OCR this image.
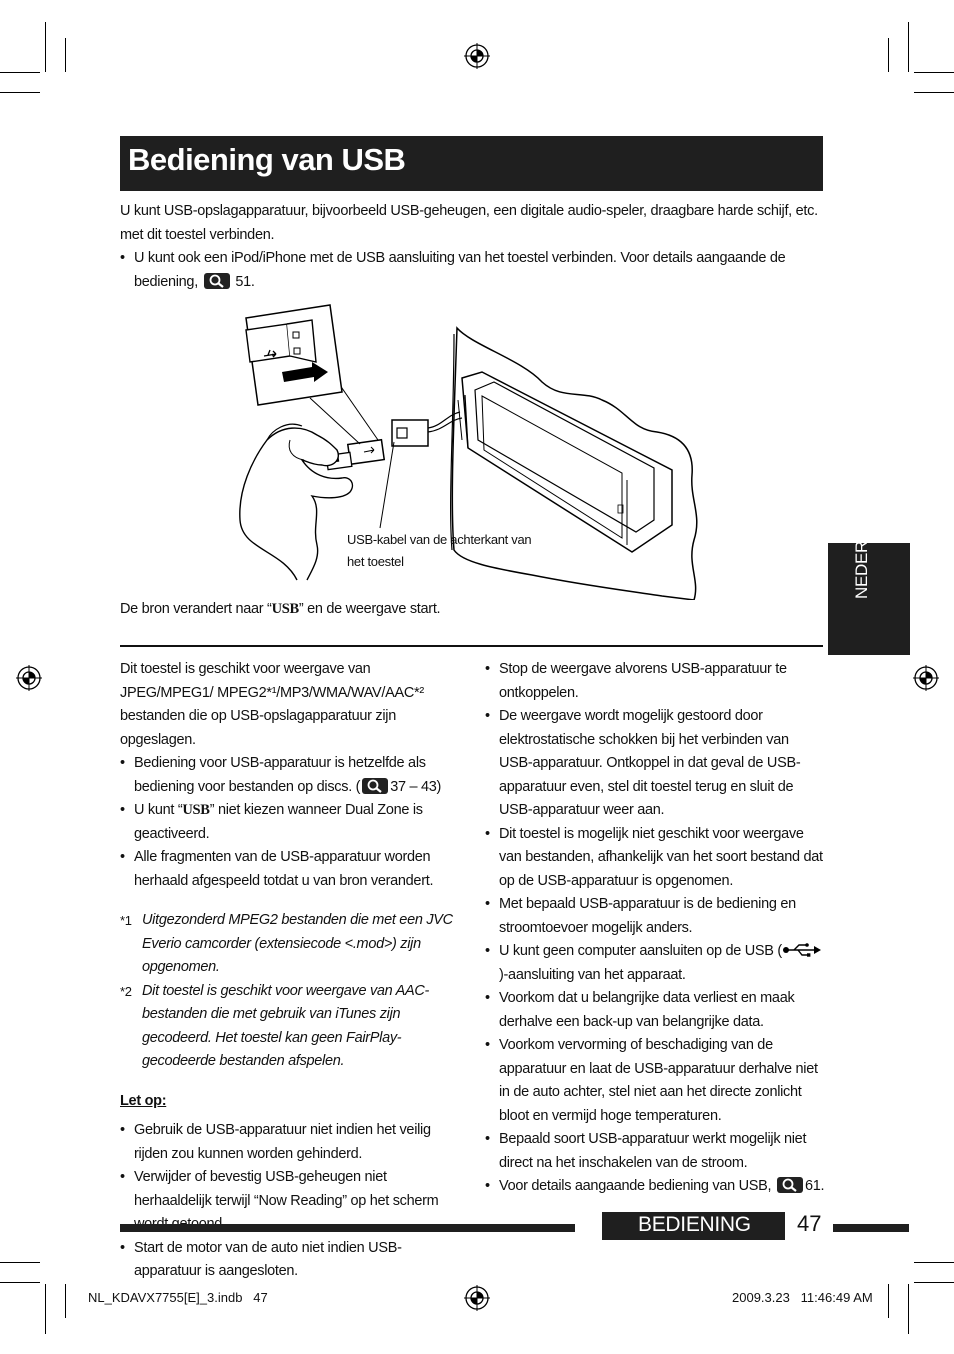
Bediening van USB
U kunt USB-opslagapparatuur, bijvoorbeeld USB-geheugen, een digitale audio-speler, draagbare harde schijf, etc. met dit toestel verbinden.
• U kunt ook een iPod/iPhone met de USB aansluiting van het toestel verbinden. Voor details aangaande de bediening,	51.
USB-kabel van de achterkant van het toestel
De bron verandert naar “USB” en de weergave start.
NEDERLANDS
Dit toestel is geschikt voor weergave van JPEG/MPEG1/ MPEG2*¹/MP3/WMA/WAV/AAC*² bestanden die op USB-opslagapparatuur zijn opgeslagen.
• Bediening voor USB-apparatuur is hetzelfde als bediening voor bestanden op discs. ( 37 – 43)
• U kunt “USB” niet kiezen wanneer Dual Zone is geactiveerd.
• Alle fragmenten van de USB-apparatuur worden herhaald afgespeeld totdat u van bron verandert.
*1 Uitgezonderd MPEG2 bestanden die met een JVC Everio camcorder (extensiecode <.mod>) zijn opgenomen.
*2 Dit toestel is geschikt voor weergave van AAC-bestanden die met gebruik van iTunes zijn gecodeerd. Het toestel kan geen FairPlay-gecodeerde bestanden afspelen.
Let op:
• Gebruik de USB-apparatuur niet indien het veilig rijden zou kunnen worden gehinderd.
• Verwijder of bevestig USB-geheugen niet herhaaldelijk terwijl “Now Reading” op het scherm
• Start de motor van de auto niet indien USB-apparatuur is aangesloten.
• Stop de weergave alvorens USB-apparatuur te ontkoppelen.
• De weergave wordt mogelijk gestoord door elektrostatische schokken bij het verbinden van USB-apparatuur. Ontkoppel in dat geval de USB-apparatuur even, stel dit toestel terug en sluit de USB-apparatuur weer aan.
• Dit toestel is mogelijk niet geschikt voor weergave van bestanden, afhankelijk van het soort bestand dat op de USB-apparatuur is opgenomen.
• Met bepaald USB-apparatuur is de bediening en stroomtoevoer mogelijk anders.
• U kunt geen computer aansluiten op de USB ()-aansluiting van het apparaat.
• Voorkom dat u belangrijke data verliest en maak derhalve een back-up van belangrijke data.
• Voorkom vervorming of beschadiging van de apparatuur en laat de USB-apparatuur derhalve niet in de auto achter, stel niet aan het directe zonlicht bloot en vermijd hoge temperaturen.
• Bepaald soort USB-apparatuur werkt mogelijk niet direct na het inschakelen van de stroom.
• Voor details aangaande bediening van USB, 61.
BEDIENING 47
NL_KDAVX7755[E]_3.indb   47	2009.3.23   11:46:49 AM
